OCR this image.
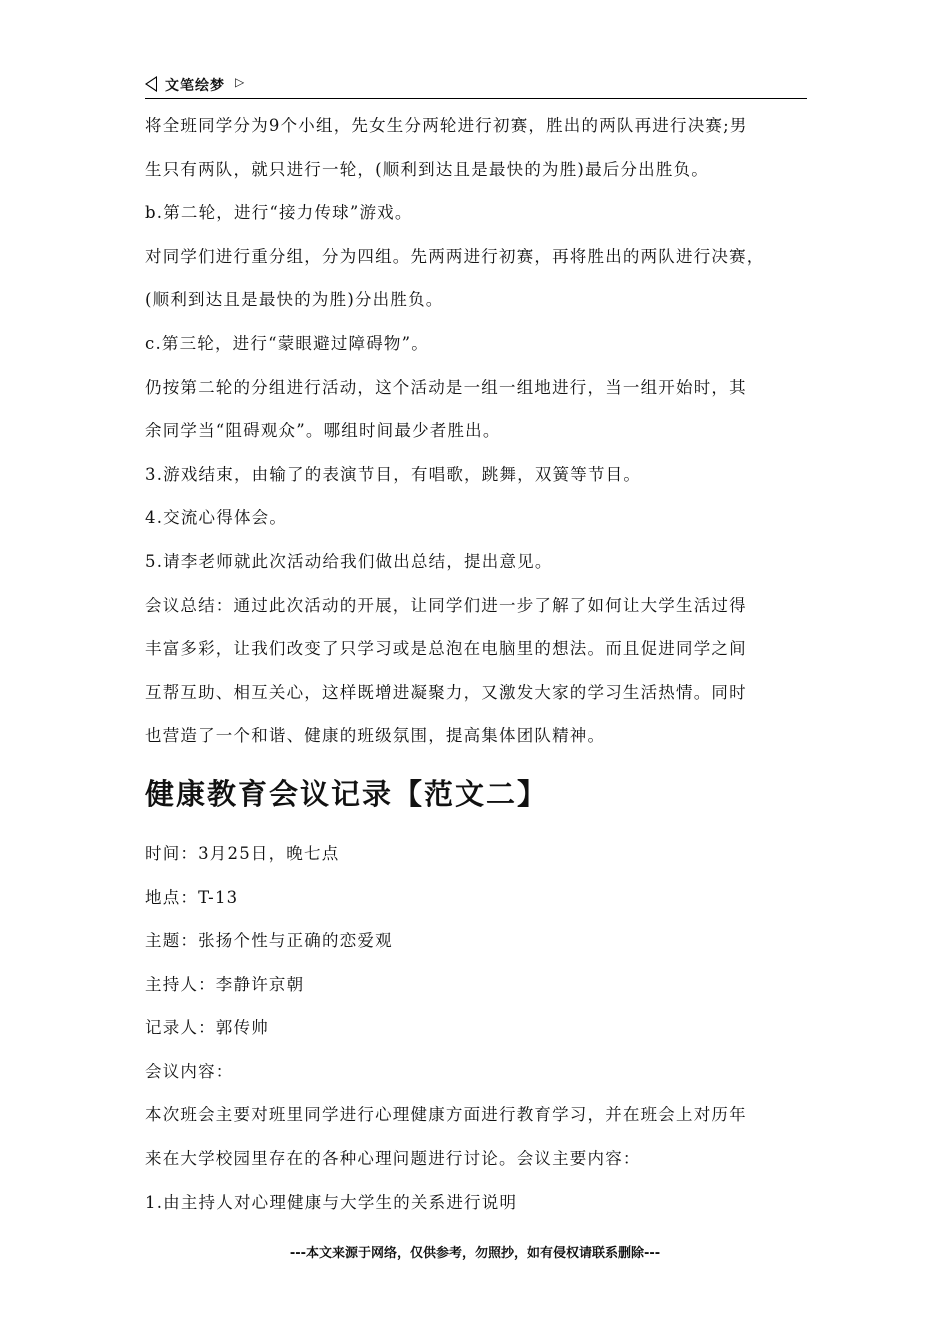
文笔绘梦 ▷

将全班同学分为9个小组，先女生分两轮进行初赛，胜出的两队再进行决赛;男

生只有两队，就只进行一轮，(顺利到达且是最快的为胜)最后分出胜负。

b.第二轮，进行“接力传球”游戏。

对同学们进行重分组，分为四组。先两两进行初赛，再将胜出的两队进行决赛，

(顺利到达且是最快的为胜)分出胜负。

c.第三轮，进行“蒙眼避过障碍物”。

仍按第二轮的分组进行活动，这个活动是一组一组地进行，当一组开始时，其

余同学当“阻碍观众”。哪组时间最少者胜出。

3.游戏结束，由输了的表演节目，有唱歌，跳舞，双簧等节目。

4.交流心得体会。

5.请李老师就此次活动给我们做出总结，提出意见。

会议总结：通过此次活动的开展，让同学们进一步了解了如何让大学生活过得

丰富多彩，让我们改变了只学习或是总泡在电脑里的想法。而且促进同学之间

互帮互助、相互关心，这样既增进凝聚力，又激发大家的学习生活热情。同时

也营造了一个和谐、健康的班级氛围，提高集体团队精神。

健康教育会议记录【范文二】

时间：3月25日，晚七点

地点：T-13

主题：张扬个性与正确的恋爱观

主持人：李静许京朝

记录人：郭传帅

会议内容：

本次班会主要对班里同学进行心理健康方面进行教育学习，并在班会上对历年

来在大学校园里存在的各种心理问题进行讨论。会议主要内容：

1.由主持人对心理健康与大学生的关系进行说明

---本文来源于网络，仅供参考，勿照抄，如有侵权请联系删除---
